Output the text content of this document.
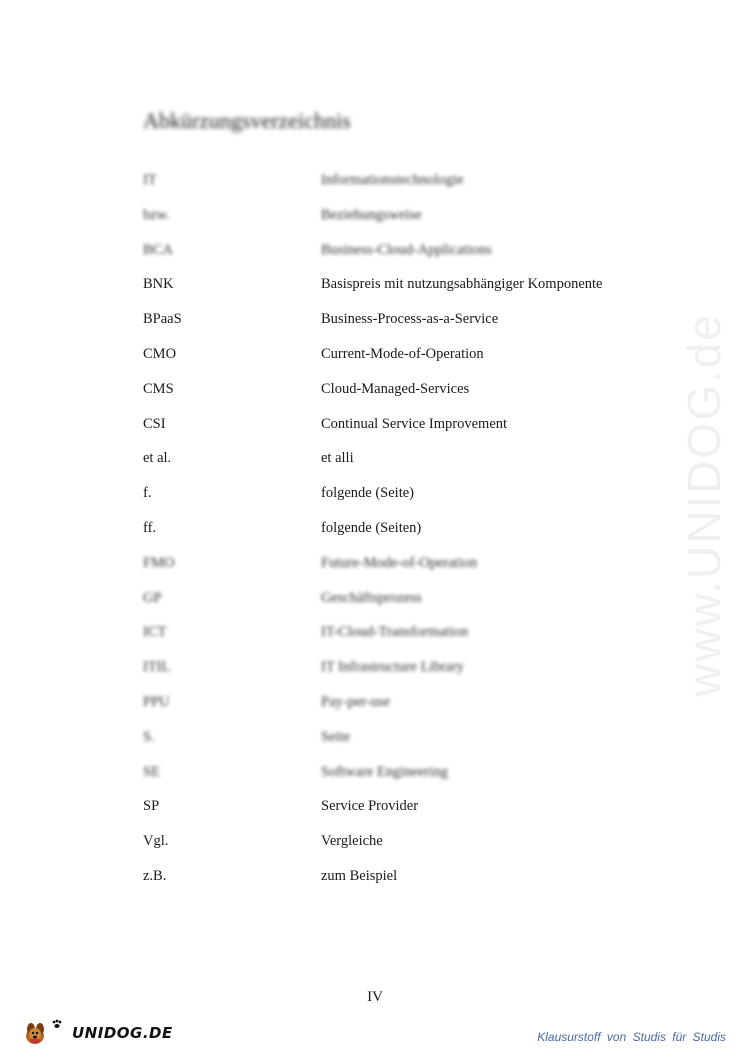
www.UNIDOG.de
Abkürzungsverzeichnis
IT	Informationstechnologie
bzw.	Beziehungsweise
BCA	Business-Cloud-Applications
BNK	Basispreis mit nutzungsabhängiger Komponente
BPaaS	Business-Process-as-a-Service
CMO	Current-Mode-of-Operation
CMS	Cloud-Managed-Services
CSI	Continual Service Improvement
et al.	et alli
f.	folgende (Seite)
ff.	folgende (Seiten)
FMO	Future-Mode-of-Operation
GP	Geschäftsprozess
ICT	IT-Cloud-Transformation
ITIL	IT Infrastructure Library
PPU	Pay-per-use
S.	Seite
SE	Software Engineering
SP	Service Provider
Vgl.	Vergleiche
z.B.	zum Beispiel
IV
UNIDOG.DE	Klausurstoff von Studis für Studis
